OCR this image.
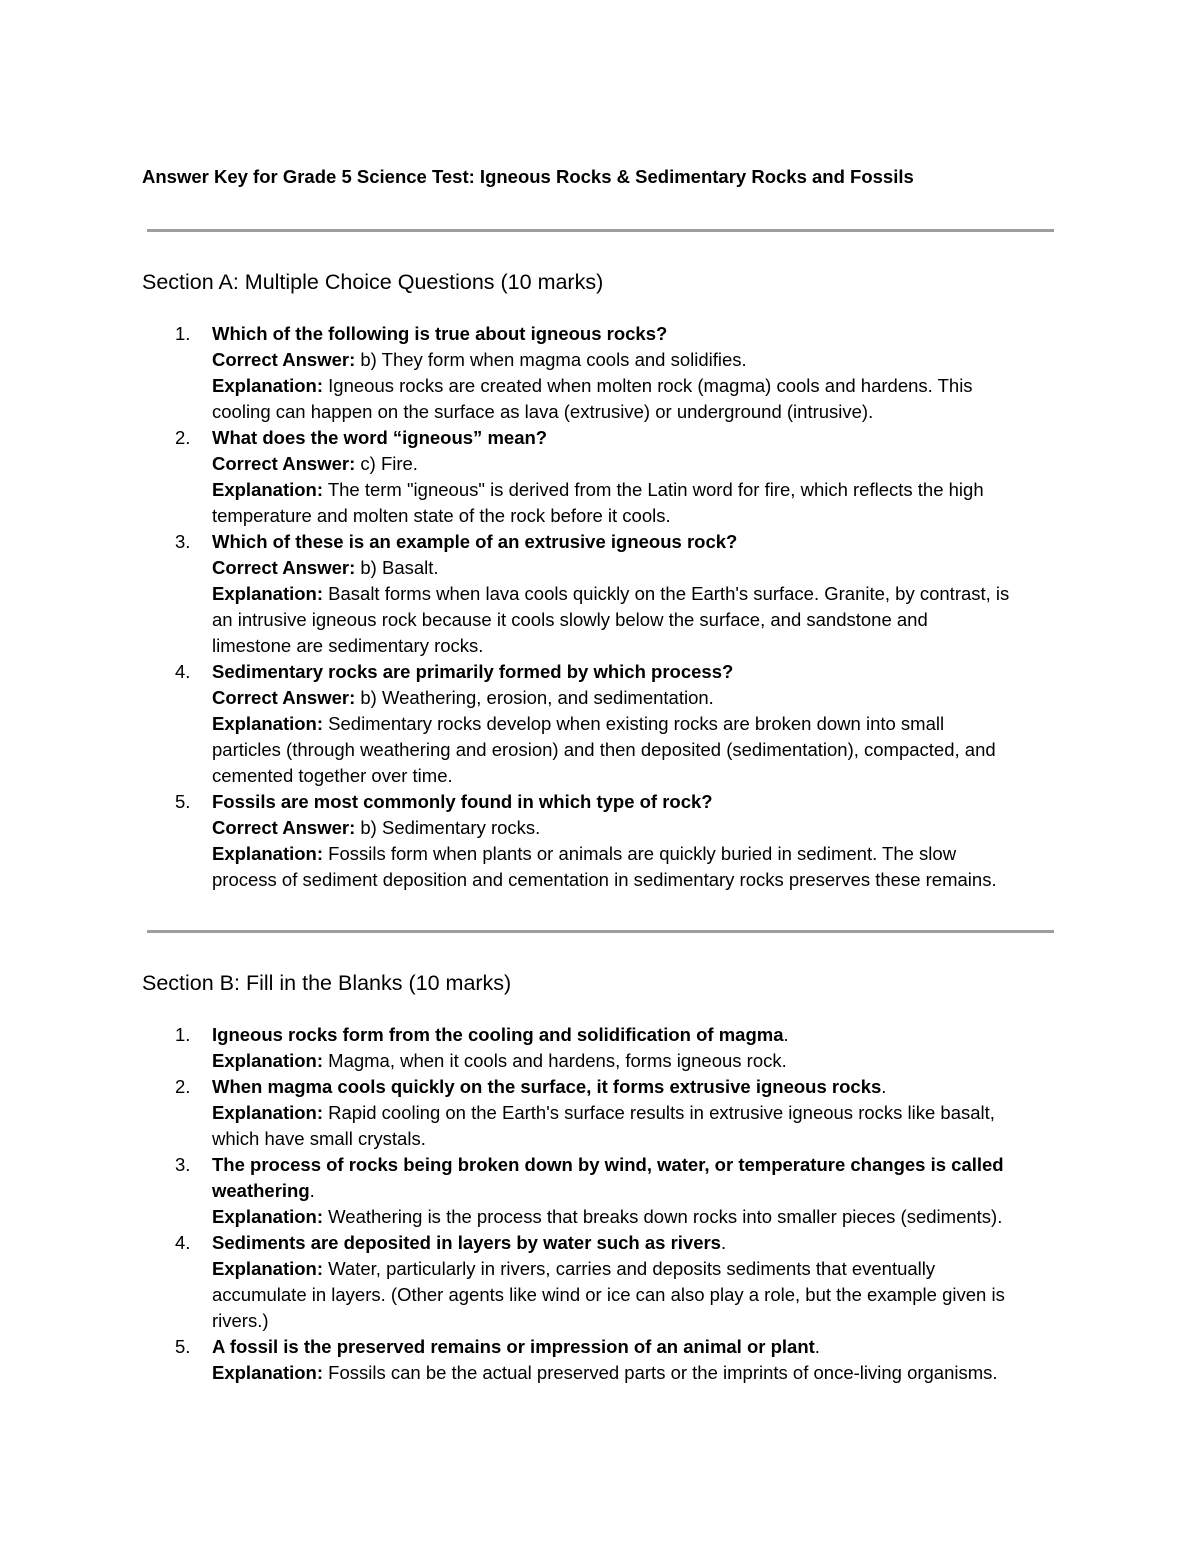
Answer Key for Grade 5 Science Test: Igneous Rocks & Sedimentary Rocks and Fossils
Section A: Multiple Choice Questions (10 marks)
1.	Which of the following is true about igneous rocks?
Correct Answer: b) They form when magma cools and solidifies.
Explanation: Igneous rocks are created when molten rock (magma) cools and hardens. This
cooling can happen on the surface as lava (extrusive) or underground (intrusive).
2.	What does the word “igneous” mean?
Correct Answer: c) Fire.
Explanation: The term "igneous" is derived from the Latin word for fire, which reflects the high
temperature and molten state of the rock before it cools.
3.	Which of these is an example of an extrusive igneous rock?
Correct Answer: b) Basalt.
Explanation: Basalt forms when lava cools quickly on the Earth's surface. Granite, by contrast, is
an intrusive igneous rock because it cools slowly below the surface, and sandstone and
limestone are sedimentary rocks.
4.	Sedimentary rocks are primarily formed by which process?
Correct Answer: b) Weathering, erosion, and sedimentation.
Explanation: Sedimentary rocks develop when existing rocks are broken down into small
particles (through weathering and erosion) and then deposited (sedimentation), compacted, and
cemented together over time.
5.	Fossils are most commonly found in which type of rock?
Correct Answer: b) Sedimentary rocks.
Explanation: Fossils form when plants or animals are quickly buried in sediment. The slow
process of sediment deposition and cementation in sedimentary rocks preserves these remains.
Section B: Fill in the Blanks (10 marks)
1.	Igneous rocks form from the cooling and solidification of magma.
Explanation: Magma, when it cools and hardens, forms igneous rock.
2.	When magma cools quickly on the surface, it forms extrusive igneous rocks.
Explanation: Rapid cooling on the Earth's surface results in extrusive igneous rocks like basalt,
which have small crystals.
3.	The process of rocks being broken down by wind, water, or temperature changes is called
weathering.
Explanation: Weathering is the process that breaks down rocks into smaller pieces (sediments).
4.	Sediments are deposited in layers by water such as rivers.
Explanation: Water, particularly in rivers, carries and deposits sediments that eventually
accumulate in layers. (Other agents like wind or ice can also play a role, but the example given is
rivers.)
5.	A fossil is the preserved remains or impression of an animal or plant.
Explanation: Fossils can be the actual preserved parts or the imprints of once-living organisms.
